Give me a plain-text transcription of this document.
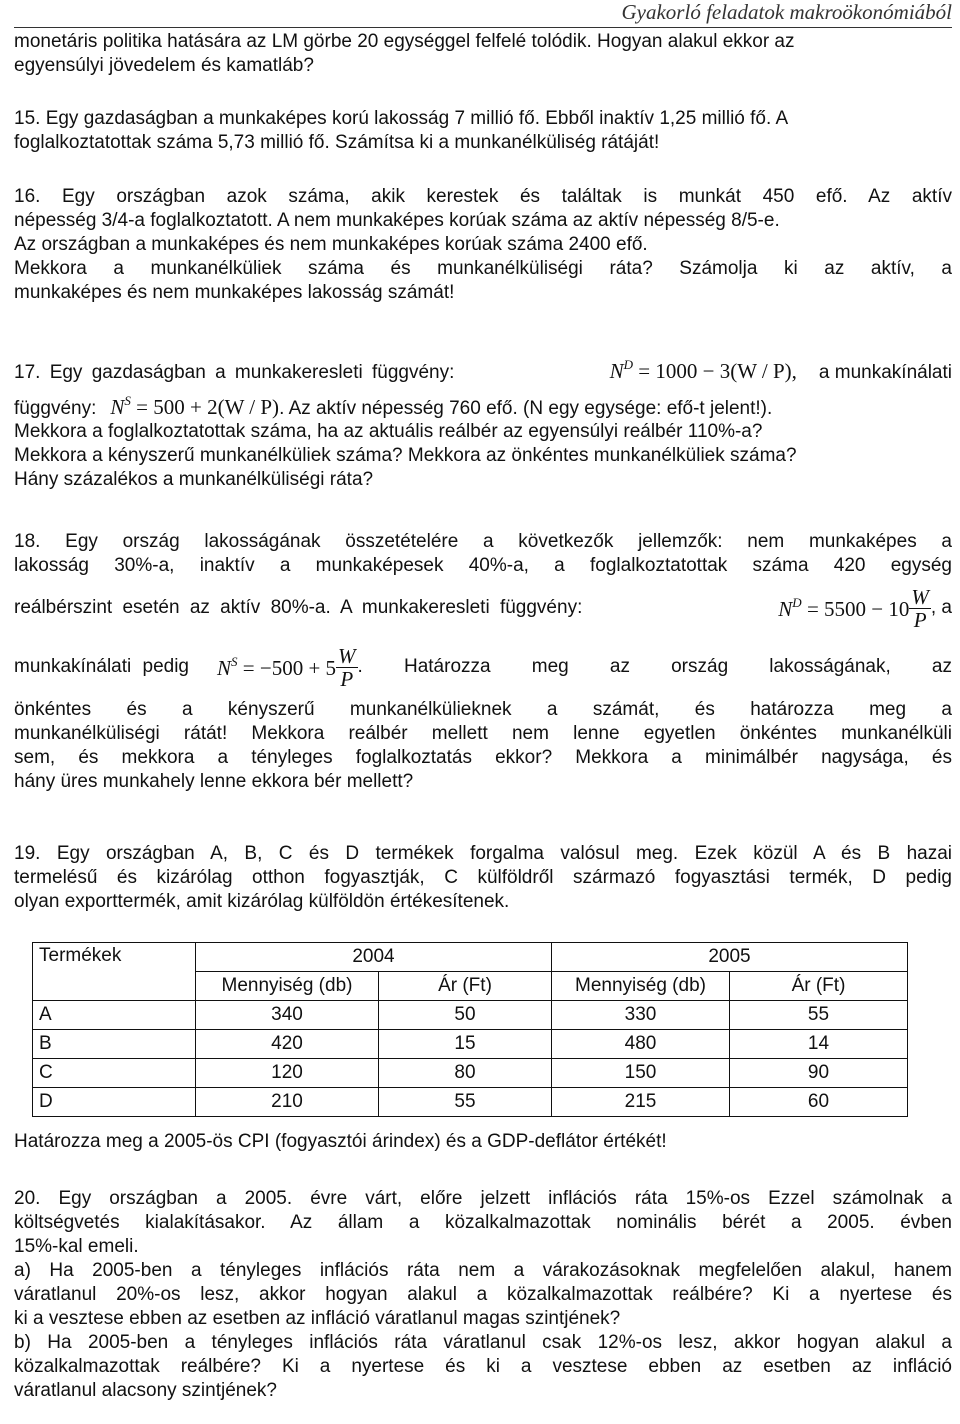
Gyakorló feladatok makroökonómiából
monetáris politika hatására az LM görbe 20 egységgel felfelé tolódik. Hogyan alakul ekkor az
egyensúlyi jövedelem és kamatláb?
15. Egy gazdaságban a munkaképes korú lakosság 7 millió fő. Ebből inaktív 1,25 millió fő. A
foglalkoztatottak száma 5,73 millió fő. Számítsa ki a munkanélküliség rátáját!
16. Egy országban azok száma, akik kerestek és találtak is munkát 450 efő. Az aktív
népesség 3/4-a foglalkoztatott. A nem munkaképes korúak száma az aktív népesség 8/5-e.
Az országban a munkaképes és nem munkaképes korúak száma 2400 efő.
Mekkora a munkanélküliek száma és munkanélküliségi ráta? Számolja ki az aktív, a
munkaképes és nem munkaképes lakosság számát!
17. Egy gazdaságban a munkakeresleti függvény:	$N^D = 1000 - 3(W / P)$, a munkakínálati
függvény: $N^S = 500 + 2(W / P)$ . Az aktív népesség 760 efő. (N egy egysége: efő-t jelent!).
Mekkora a foglalkoztatottak száma, ha az aktuális reálbér az egyensúlyi reálbér 110%-a?
Mekkora a kényszerű munkanélküliek száma? Mekkora az önkéntes munkanélküliek száma?
Hány százalékos a munkanélküliségi ráta?
18. Egy ország lakosságának összetételére a következők jellemzők: nem munkaképes a
lakosság 30%-a, inaktív a munkaképesek 40%-a, a foglalkoztatottak száma 420 egység
reálbérszint esetén az aktív 80%-a. A munkakeresleti függvény:	$N^D = 5500 - 10 \frac{W}{P}$ , a
munkakínálati pedig $N^S = -500 + 5 \frac{W}{P}$ . Határozza meg az ország lakosságának, az
önkéntes és a kényszerű munkanélkülieknek a számát, és határozza meg a
munkanélküliségi rátát! Mekkora reálbér mellett nem lenne egyetlen önkéntes munkanélküli
sem, és mekkora a tényleges foglalkoztatás ekkor? Mekkora a minimálbér nagysága, és
hány üres munkahely lenne ekkora bér mellett?
19. Egy országban A, B, C és D termékek forgalma valósul meg. Ezek közül A és B hazai
termelésű és kizárólag otthon fogyasztják, C külföldről származó fogyasztási termék, D pedig
olyan exporttermék, amit kizárólag külföldön értékesítenek.
Termékek	2004		2005	
	Mennyiség (db)	Ár (Ft)	Mennyiség (db)	Ár (Ft)
A	340	50	330	55
B	420	15	480	14
C	120	80	150	90
D	210	55	215	60
Határozza meg a 2005-ös CPI (fogyasztói árindex) és a GDP-deflátor értékét!
20. Egy országban a 2005. évre várt, előre jelzett inflációs ráta 15%-os Ezzel számolnak a
költségvetés kialakításakor. Az állam a közalkalmazottak nominális bérét a 2005. évben
15%-kal emeli.
a) Ha 2005-ben a tényleges inflációs ráta nem a várakozásoknak megfelelően alakul, hanem
váratlanul 20%-os lesz, akkor hogyan alakul a közalkalmazottak reálbére? Ki a nyertese és
ki a vesztese ebben az esetben az infláció váratlanul magas szintjének?
b) Ha 2005-ben a tényleges inflációs ráta váratlanul csak 12%-os lesz, akkor hogyan alakul a
közalkalmazottak reálbére? Ki a nyertese és ki a vesztese ebben az esetben az infláció
váratlanul alacsony szintjének?
